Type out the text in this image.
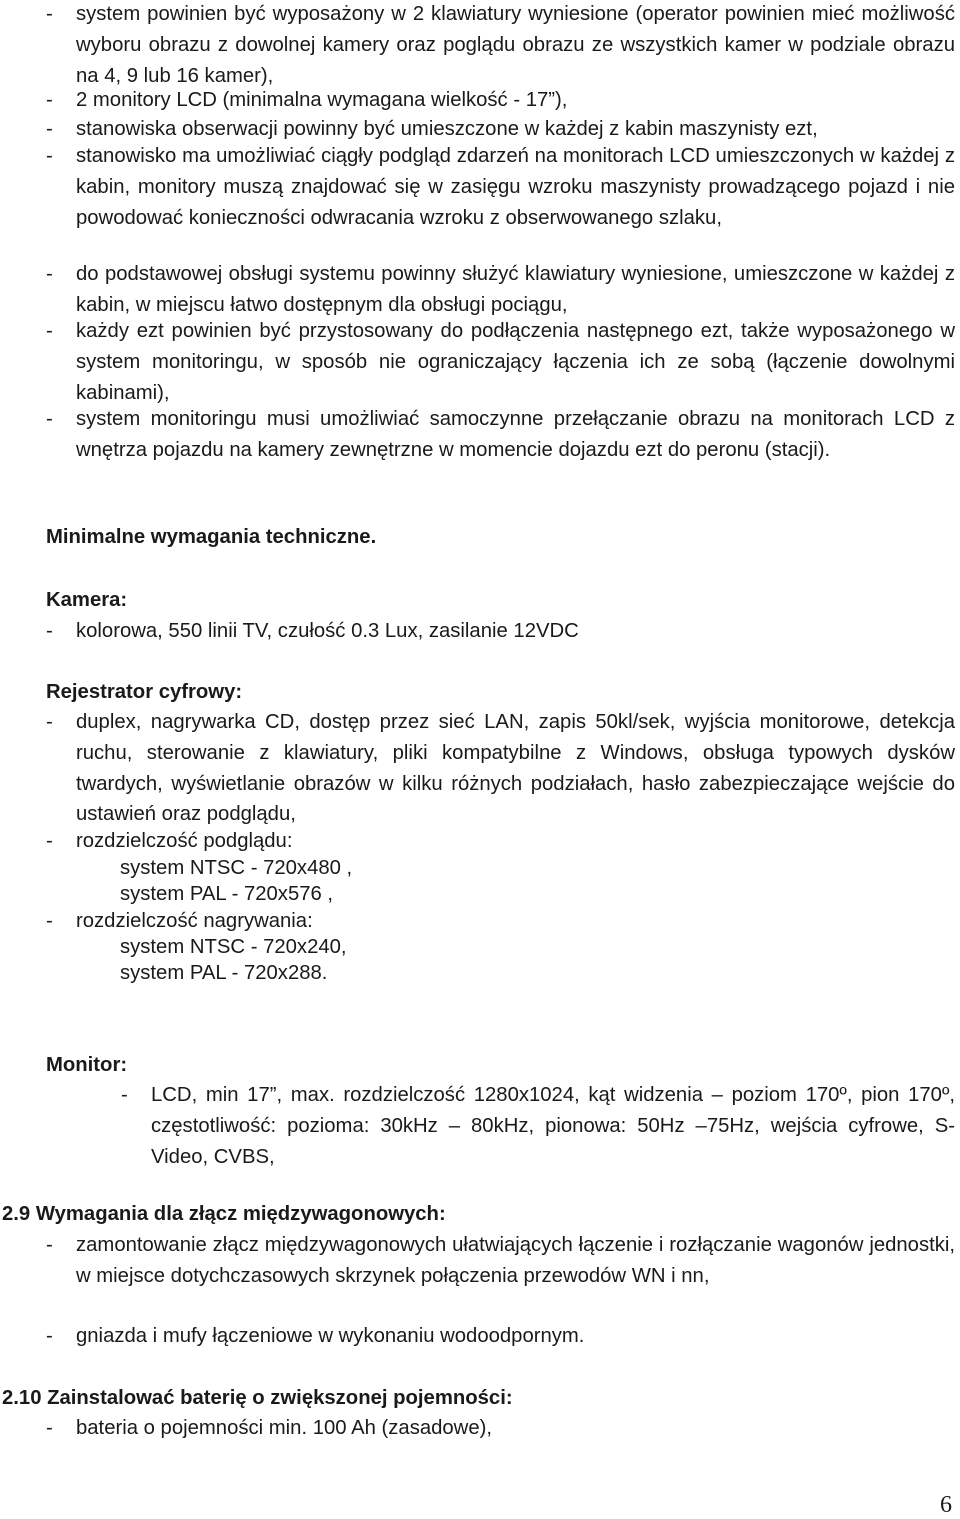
- system powinien być wyposażony w 2 klawiatury wyniesione (operator powinien mieć możliwość wyboru obrazu z dowolnej kamery oraz poglądu obrazu ze wszystkich kamer w podziale obrazu na 4, 9 lub 16 kamer),

- 2 monitory LCD (minimalna wymagana wielkość - 17”),

- stanowiska obserwacji powinny być umieszczone w każdej z kabin maszynisty ezt,

- stanowisko ma umożliwiać ciągły podgląd zdarzeń na monitorach LCD umieszczonych w każdej z kabin, monitory muszą znajdować się w zasięgu wzroku maszynisty prowadzącego pojazd i nie powodować konieczności odwracania wzroku z obserwowanego szlaku,

- do podstawowej obsługi systemu powinny służyć klawiatury wyniesione, umieszczone w każdej z kabin, w miejscu łatwo dostępnym dla obsługi pociągu,

- każdy ezt powinien być przystosowany do podłączenia następnego ezt, także wyposażonego w system monitoringu, w sposób nie ograniczający łączenia ich ze sobą (łączenie dowolnymi kabinami),

- system monitoringu musi umożliwiać samoczynne przełączanie obrazu na monitorach LCD z wnętrza pojazdu na kamery zewnętrzne w momencie dojazdu ezt do peronu (stacji).

Minimalne wymagania techniczne.

Kamera:

- kolorowa, 550 linii TV, czułość 0.3 Lux, zasilanie 12VDC

Rejestrator cyfrowy:

- duplex, nagrywarka CD, dostęp przez sieć LAN, zapis 50kl/sek, wyjścia monitorowe, detekcja ruchu, sterowanie z klawiatury, pliki kompatybilne z Windows, obsługa typowych dysków twardych, wyświetlanie obrazów w kilku różnych podziałach, hasło zabezpieczające wejście do ustawień oraz podglądu,

- rozdzielczość podglądu:

system NTSC - 720x480 ,

system PAL - 720x576 ,

- rozdzielczość nagrywania:

system NTSC - 720x240,

system PAL - 720x288.

Monitor:

- LCD, min 17”, max. rozdzielczość 1280x1024, kąt widzenia – poziom 170º, pion 170º, częstotliwość: pozioma: 30kHz – 80kHz, pionowa: 50Hz –75Hz, wejścia cyfrowe, S-Video, CVBS,

2.9 Wymagania dla złącz międzywagonowych:

- zamontowanie złącz międzywagonowych ułatwiających łączenie i rozłączanie wagonów jednostki, w miejsce dotychczasowych skrzynek połączenia przewodów WN i nn,

- gniazda i mufy łączeniowe w wykonaniu wodoodpornym.

2.10 Zainstalować baterię o zwiększonej pojemności:

- bateria o pojemności min. 100 Ah (zasadowe),

6
